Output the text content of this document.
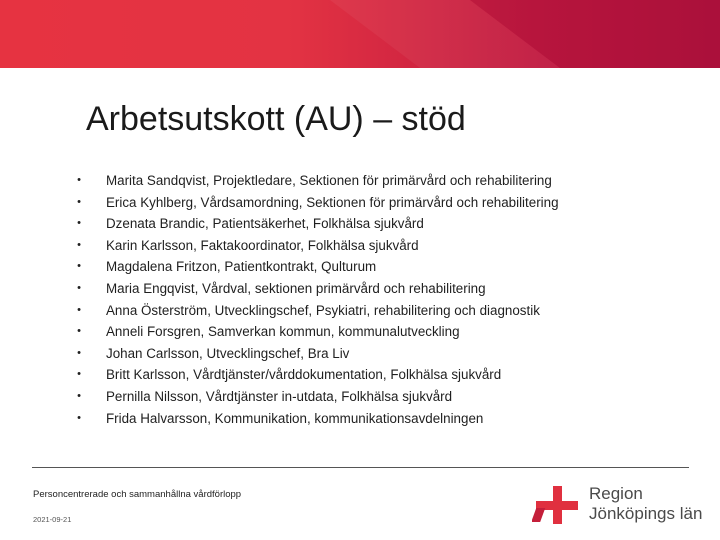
Arbetsutskott (AU) – stöd
• Marita Sandqvist, Projektledare, Sektionen för primärvård och rehabilitering
• Erica Kyhlberg, Vårdsamordning, Sektionen för primärvård och rehabilitering
• Dzenata Brandic, Patientsäkerhet, Folkhälsa sjukvård
• Karin Karlsson, Faktakoordinator, Folkhälsa sjukvård
• Magdalena Fritzon, Patientkontrakt, Qulturum
• Maria Engqvist, Vårdval, sektionen primärvård och rehabilitering
• Anna Österström, Utvecklingschef, Psykiatri, rehabilitering och diagnostik
• Anneli Forsgren, Samverkan kommun, kommunalutveckling
• Johan Carlsson, Utvecklingschef, Bra Liv
• Britt Karlsson, Vårdtjänster/vårddokumentation, Folkhälsa sjukvård
• Pernilla Nilsson, Vårdtjänster in-utdata, Folkhälsa sjukvård
• Frida Halvarsson, Kommunikation, kommunikationsavdelningen
Personcentrerade och sammanhållna vårdförlopp
2021-09-21
Region
Jönköpings län
